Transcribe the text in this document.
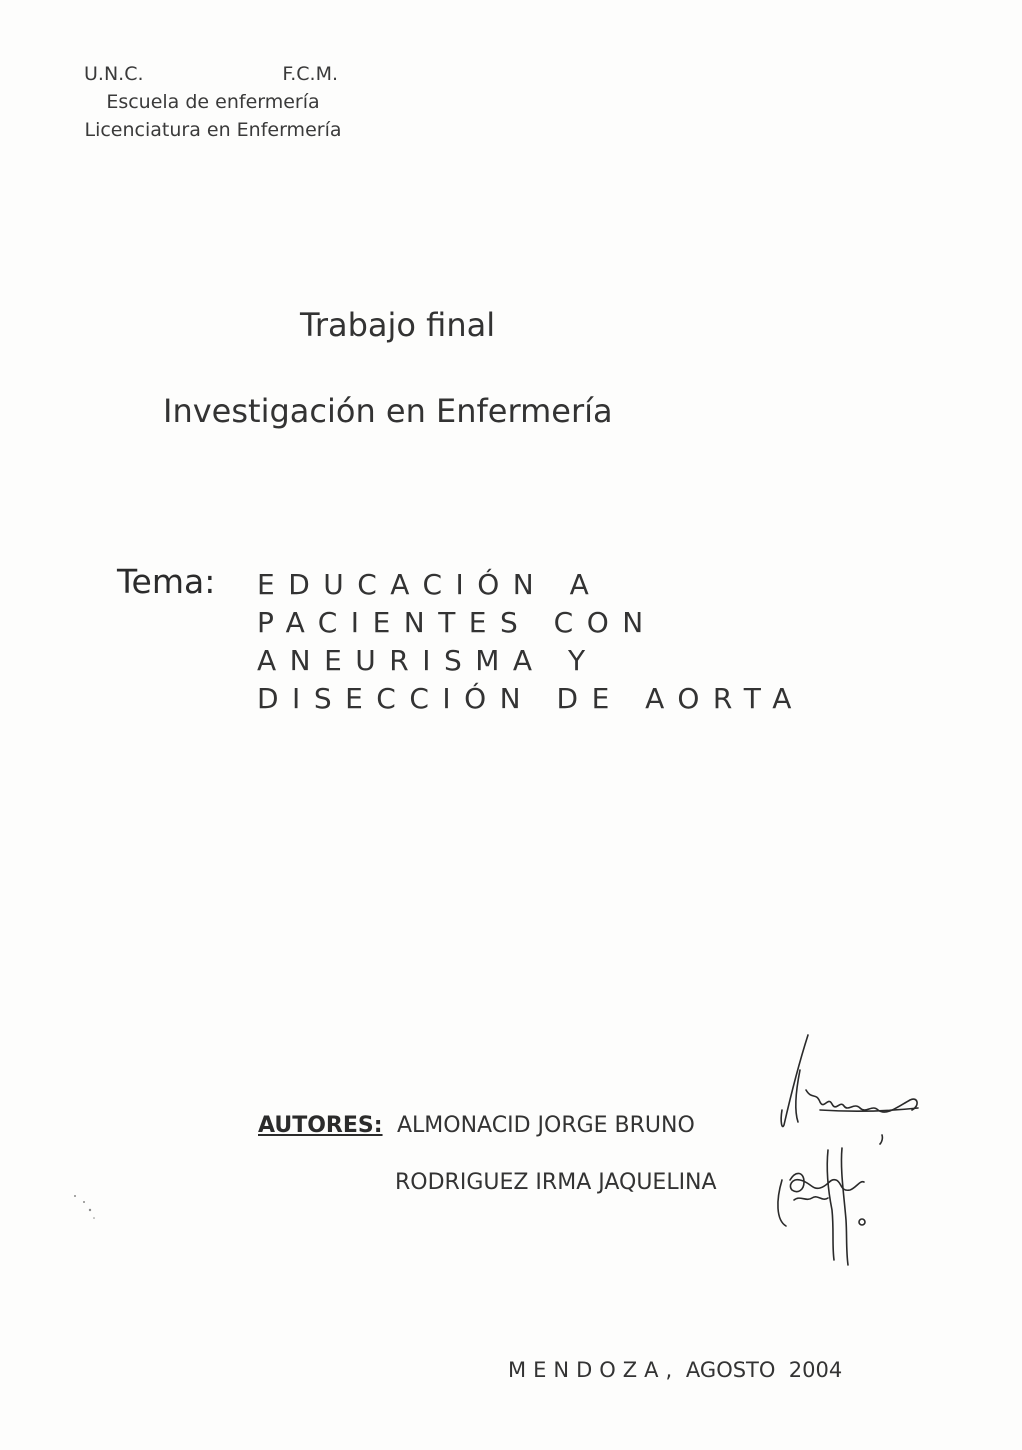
U.N.C.	F.C.M.
Escuela de enfermería
Licenciatura en Enfermería
Trabajo final
Investigación en Enfermería
Tema: EDUCACIÓN A
PACIENTES CON
ANEURISMA Y
DISECCIÓN DE AORTA
AUTORES: ALMONACID JORGE BRUNO
RODRIGUEZ IRMA JAQUELINA
MENDOZA, AGOSTO  2004
